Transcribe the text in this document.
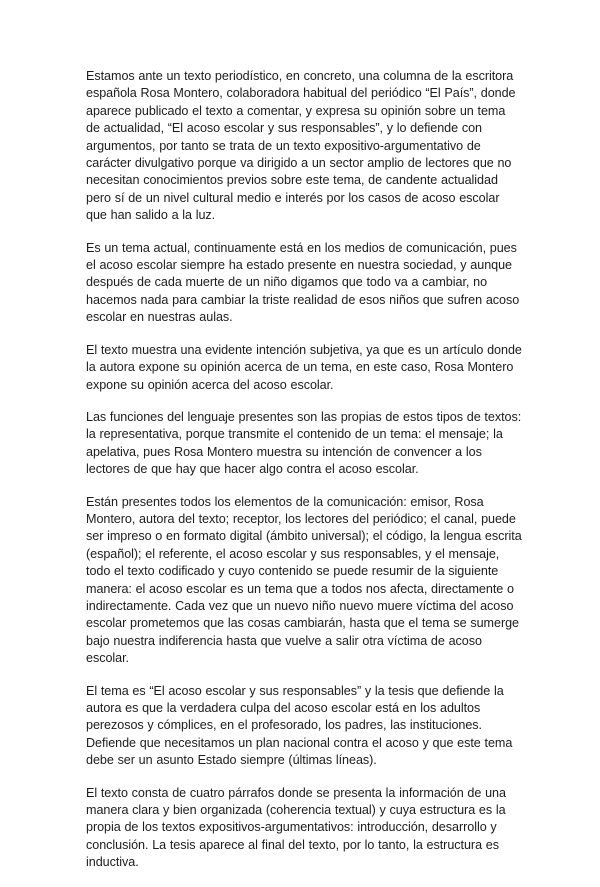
Estamos ante un texto periodístico, en concreto, una columna de la escritora española Rosa Montero, colaboradora habitual del periódico “El País”, donde aparece publicado el texto a comentar, y expresa su opinión sobre un tema de actualidad, “El acoso escolar y sus responsables”, y lo defiende con argumentos, por tanto se trata de un texto expositivo-argumentativo de carácter divulgativo porque va dirigido a un sector amplio de lectores que no necesitan conocimientos previos sobre este tema, de candente actualidad pero sí de un nivel cultural medio e interés por los casos de acoso escolar que han salido a la luz.

Es un tema actual, continuamente está en los medios de comunicación, pues el acoso escolar siempre ha estado presente en nuestra sociedad, y aunque después de cada muerte de un niño digamos que todo va a cambiar, no hacemos nada para cambiar la triste realidad de esos niños que sufren acoso escolar en nuestras aulas.

El texto muestra una evidente intención subjetiva, ya que es un artículo donde la autora expone su opinión acerca de un tema, en este caso, Rosa Montero expone su opinión acerca del acoso escolar.

Las funciones del lenguaje presentes son las propias de estos tipos de textos: la representativa, porque transmite el contenido de un tema: el mensaje; la apelativa, pues Rosa Montero muestra su intención de convencer a los lectores de que hay que hacer algo contra el acoso escolar.

Están presentes todos los elementos de la comunicación: emisor, Rosa Montero, autora del texto; receptor, los lectores del periódico; el canal, puede ser impreso o en formato digital (ámbito universal); el código, la lengua escrita (español); el referente, el acoso escolar y sus responsables, y el mensaje, todo el texto codificado y cuyo contenido se puede resumir de la siguiente manera: el acoso escolar es un tema que a todos nos afecta, directamente o indirectamente. Cada vez que un nuevo niño nuevo muere víctima del acoso escolar prometemos que las cosas cambiarán, hasta que el tema se sumerge bajo nuestra indiferencia hasta que vuelve a salir otra víctima de acoso escolar.

El tema es “El acoso escolar y sus responsables” y la tesis que defiende la autora es que la verdadera culpa del acoso escolar está en los adultos perezosos y cómplices, en el profesorado, los padres, las instituciones. Defiende que necesitamos un plan nacional contra el acoso y que este tema debe ser un asunto Estado siempre (últimas líneas).

El texto consta de cuatro párrafos donde se presenta la información de una manera clara y bien organizada (coherencia textual) y cuya estructura es la propia de los textos expositivos-argumentativos: introducción, desarrollo y conclusión. La tesis aparece al final del texto, por lo tanto, la estructura es inductiva.
